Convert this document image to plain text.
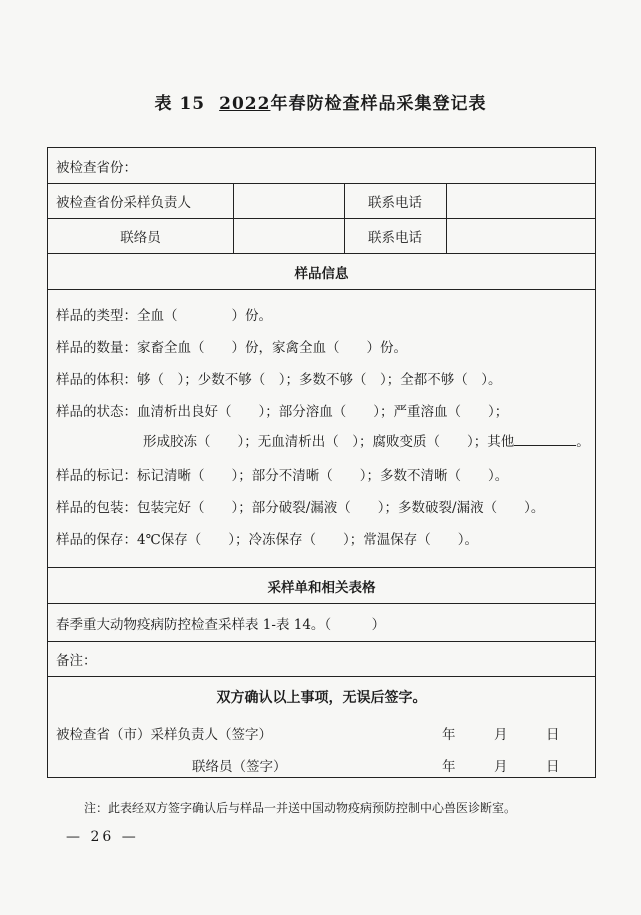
表 15 2022年春防检查样品采集登记表
被检查省份：
被检查省份采样负责人	联系电话
联络员	联系电话
样品信息
样品的类型：全血（　　　　）份。
样品的数量：家畜全血（　　）份，家禽全血（　　）份。
样品的体积：够（　）；少数不够（　）；多数不够（　）；全都不够（　）。
样品的状态：血清析出良好（　　）；部分溶血（　　）；严重溶血（　　）；
形成胶冻（　　）；无血清析出（　）；腐败变质（　　）；其他	。
样品的标记：标记清晰（　　）；部分不清晰（　　）；多数不清晰（　　）。
样品的包装：包装完好（　　）；部分破裂/漏液（　　）；多数破裂/漏液（　　）。
样品的保存：4℃保存（　　）；冷冻保存（　　）；常温保存（　　）。
采样单和相关表格
春季重大动物疫病防控检查采样表 1-表 14。（　　　）
备注：
双方确认以上事项，无误后签字。
被检查省（市）采样负责人（签字）	年	月	日
联络员（签字）	年	月	日
注：此表经双方签字确认后与样品一并送中国动物疫病预防控制中心兽医诊断室。
— 26 —
